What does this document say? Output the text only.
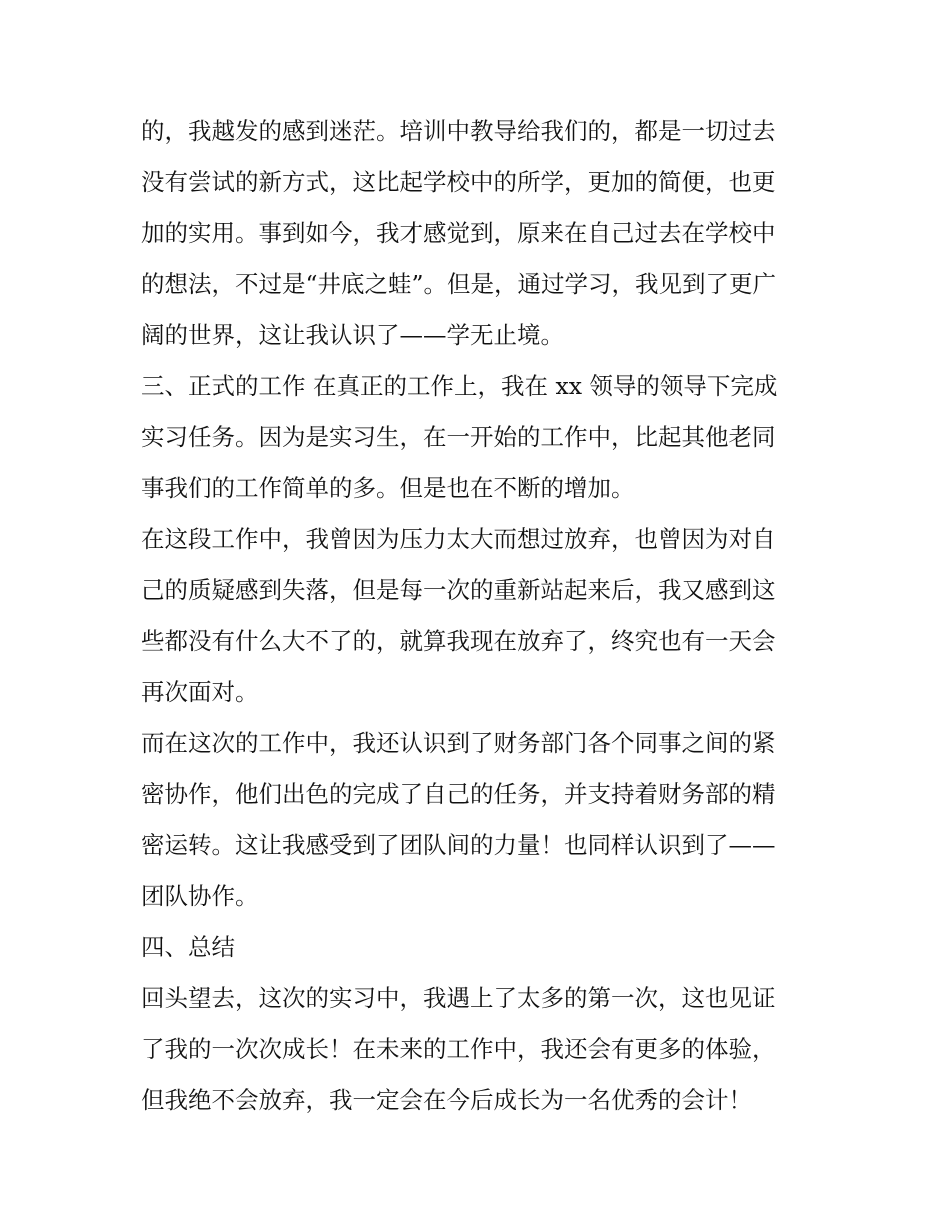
的，我越发的感到迷茫。培训中教导给我们的，都是一切过去
没有尝试的新方式，这比起学校中的所学，更加的简便，也更
加的实用。事到如今，我才感觉到，原来在自己过去在学校中
的想法，不过是“井底之蛙”。但是，通过学习，我见到了更广
阔的世界，这让我认识了——学无止境。
三、正式的工作 在真正的工作上，我在 xx 领导的领导下完成
实习任务。因为是实习生，在一开始的工作中，比起其他老同
事我们的工作简单的多。但是也在不断的增加。
在这段工作中，我曾因为压力太大而想过放弃，也曾因为对自
己的质疑感到失落，但是每一次的重新站起来后，我又感到这
些都没有什么大不了的，就算我现在放弃了，终究也有一天会
再次面对。
而在这次的工作中，我还认识到了财务部门各个同事之间的紧
密协作，他们出色的完成了自己的任务，并支持着财务部的精
密运转。这让我感受到了团队间的力量！也同样认识到了——
团队协作。
四、总结
回头望去，这次的实习中，我遇上了太多的第一次，这也见证
了我的一次次成长！在未来的工作中，我还会有更多的体验，
但我绝不会放弃，我一定会在今后成长为一名优秀的会计！
